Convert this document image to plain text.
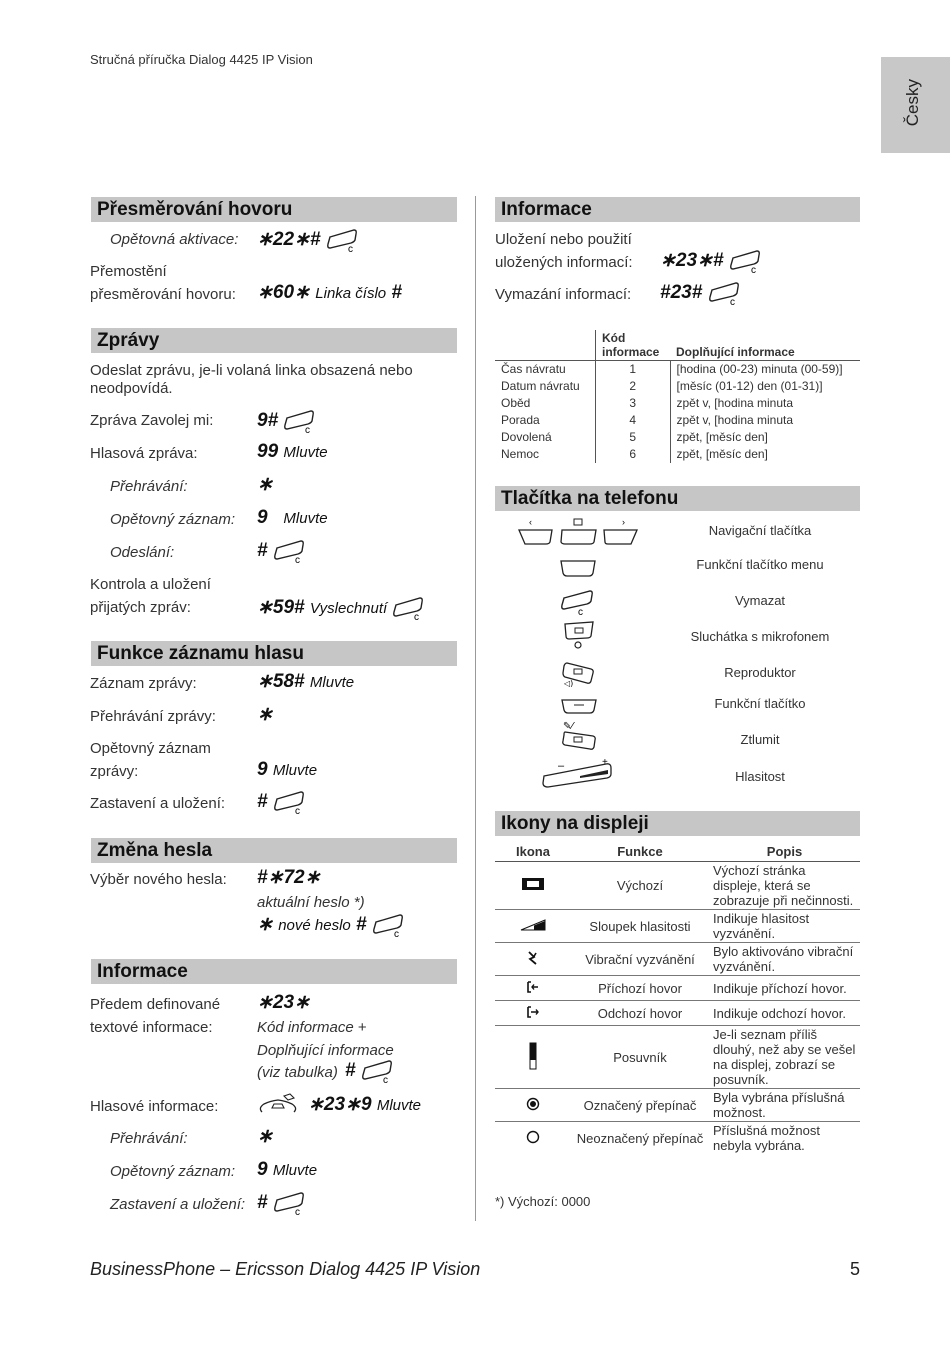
Stručná příručka Dialog 4425 IP Vision
Česky
Přesměrování hovoru
Opětovná aktivace: ∗22∗#	c
Přemostění
přesměrování hovoru: ∗60∗ Linka číslo #
Zprávy
Odeslat zprávu, je-li volaná linka obsazená nebo
neodpovídá.
Zpráva Zavolej mi: 9#	c
Hlasová zpráva:	99 Mluvte
Přehrávání:	∗
Opětovný záznam: 9 Mluvte
Odeslání:	#	c
Kontrola a uložení
přijatých zpráv:	∗59# Vyslechnutí
c
Funkce záznamu hlasu
Záznam zprávy:	∗58# Mluvte
Přehrávání zprávy: ∗
Opětovný záznam
zprávy:	9 Mluvte
Zastavení a uložení: #	c
Změna hesla
Výběr nového hesla: #∗72∗
aktuální heslo *)
∗ nové heslo #	c
Informace
Předem definované
textové informace:
∗23∗
Kód informace +
Doplňující informace
(viz tabulka) #	c
Hlasové informace:	∗23∗9 Mluvte
Přehrávání:	∗
Opětovný záznam: 9 Mluvte
Zastavení a uložení: #	c
Informace
Uložení nebo použití
uložených informací: ∗23∗#	c
Vymazání informací: #23#	c
	Kód informace	Doplňující informace
Čas návratu	1	[hodina (00-23) minuta (00-59)]
Datum návratu	2	[měsíc (01-12) den (01-31)]
Oběd	3	zpět v, [hodina minuta
Porada	4	zpět v, [hodina minuta
Dovolená	5	zpět, [měsíc den]
Nemoc	6	zpět, [měsíc den]
Tlačítka na telefonu
‹	›
Navigační tlačítka
Funkční tlačítko menu
c
Vymazat
Sluchátka s mikrofonem
◁)
Reproduktor
Funkční tlačítko
✎⁄
Ztlumit
–	+
Hlasitost
Ikony na displeji
Ikona	Funkce	Popis
	Výchozí	Výchozí stránka displeje, která se zobrazuje při nečinnosti.
	Sloupek hlasitosti	Indikuje hlasitost vyzvánění.
	Vibrační vyzvánění	Bylo aktivováno vibrační vyzvánění.
	Příchozí hovor	Indikuje příchozí hovor.
	Odchozí hovor	Indikuje odchozí hovor.
	Posuvník	Je-li seznam příliš dlouhý, než aby se vešel na displej, zobrazí se posuvník.
	Označený přepínač	Byla vybrána příslušná možnost.
	Neoznačený přepínač	Příslušná možnost nebyla vybrána.
*) Výchozí: 0000
BusinessPhone – Ericsson Dialog 4425 IP Vision	5
